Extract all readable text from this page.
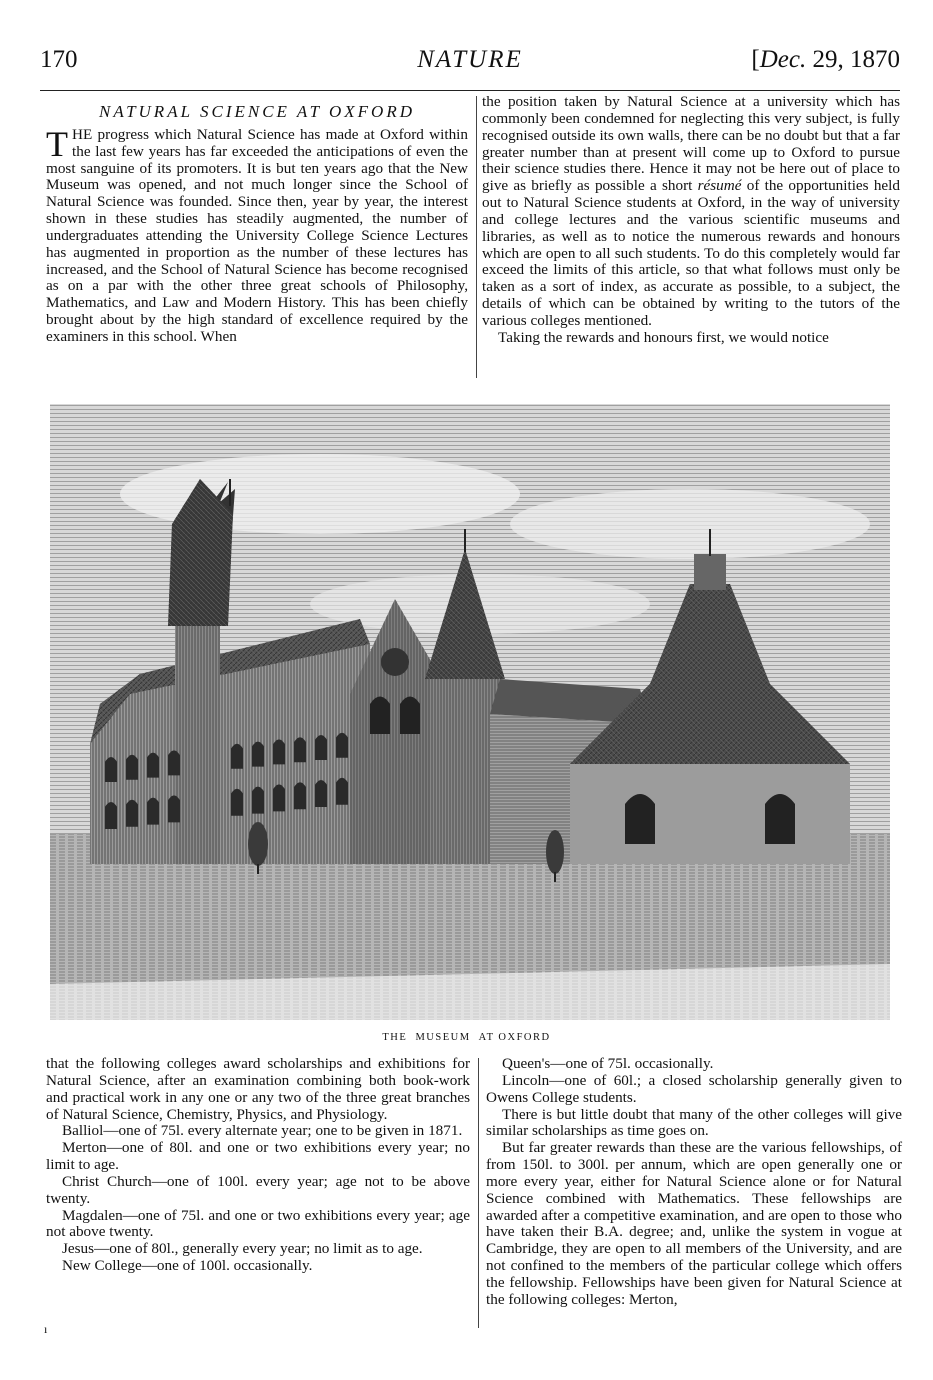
170	NATURE	[Dec. 29, 1870
NATURAL SCIENCE AT OXFORD

THE progress which Natural Science has made at Oxford within the last few years has far exceeded the anticipations of even the most sanguine of its promoters. It is but ten years ago that the New Museum was opened, and not much longer since the School of Natural Science was founded. Since then, year by year, the interest shown in these studies has steadily augmented, the number of undergraduates attending the University College Science Lectures has augmented in proportion as the number of these lectures has increased, and the School of Natural Science has become recognised as on a par with the other three great schools of Philosophy, Mathematics, and Law and Modern History. This has been chiefly brought about by the high standard of excellence required by the examiners in this school. When

the position taken by Natural Science at a university which has commonly been condemned for neglecting this very subject, is fully recognised outside its own walls, there can be no doubt but that a far greater number than at present will come up to Oxford to pursue their science studies there. Hence it may not be here out of place to give as briefly as possible a short résumé of the opportunities held out to Natural Science students at Oxford, in the way of university and college lectures and the various scientific museums and libraries, as well as to notice the numerous rewards and honours which are open to all such students. To do this completely would far exceed the limits of this article, so that what follows must only be taken as a sort of index, as accurate as possible, to a subject, the details of which can be obtained by writing to the tutors of the various colleges mentioned.

Taking the rewards and honours first, we would notice

THE MUSEUM AT OXFORD

that the following colleges award scholarships and exhibitions for Natural Science, after an examination combining both book-work and practical work in any one or any two of the three great branches of Natural Science, Chemistry, Physics, and Physiology.

Balliol—one of 75l. every alternate year; one to be given in 1871.

Merton—one of 80l. and one or two exhibitions every year; no limit to age.

Christ Church—one of 100l. every year; age not to be above twenty.

Magdalen—one of 75l. and one or two exhibitions every year; age not above twenty.

Jesus—one of 80l., generally every year; no limit as to age.

New College—one of 100l. occasionally.

Queen's—one of 75l. occasionally.

Lincoln—one of 60l.; a closed scholarship generally given to Owens College students.

There is but little doubt that many of the other colleges will give similar scholarships as time goes on.

But far greater rewards than these are the various fellowships, of from 150l. to 300l. per annum, which are open generally one or more every year, either for Natural Science alone or for Natural Science combined with Mathematics. These fellowships are awarded after a competitive examination, and are open to those who have taken their B.A. degree; and, unlike the system in vogue at Cambridge, they are open to all members of the University, and are not confined to the members of the particular college which offers the fellowship. Fellowships have been given for Natural Science at the following colleges: Merton,

ı
